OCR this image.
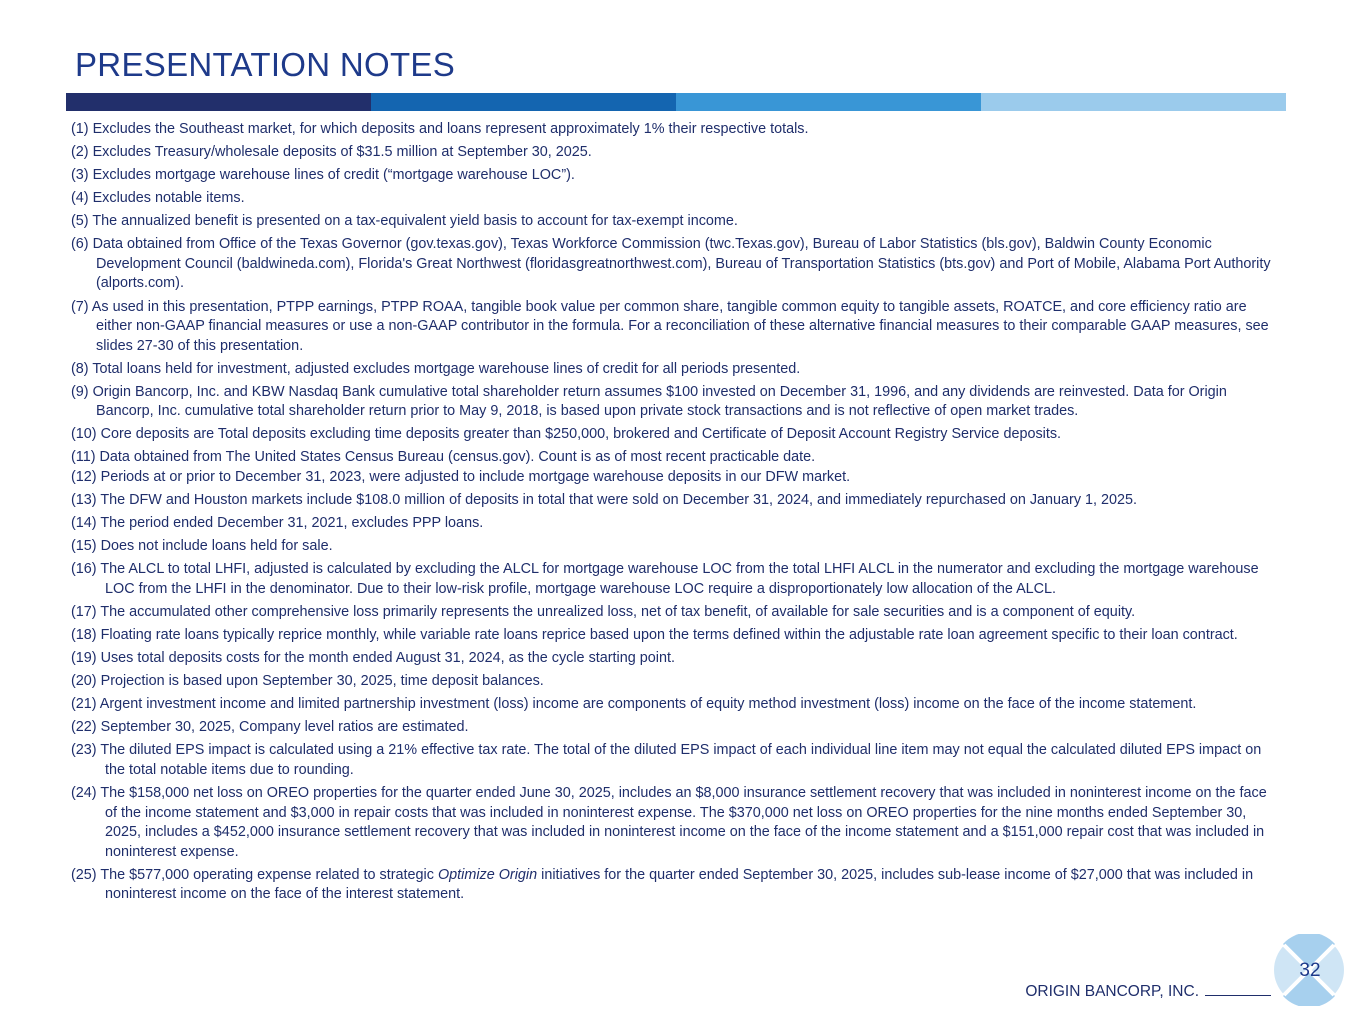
PRESENTATION NOTES

(1) Excludes the Southeast market, for which deposits and loans represent approximately 1% their respective totals.

(2) Excludes Treasury/wholesale deposits of $31.5 million at September 30, 2025.

(3) Excludes mortgage warehouse lines of credit (“mortgage warehouse LOC”).

(4) Excludes notable items.

(5) The annualized benefit is presented on a tax-equivalent yield basis to account for tax-exempt income.

(6) Data obtained from Office of the Texas Governor (gov.texas.gov), Texas Workforce Commission (twc.Texas.gov), Bureau of Labor Statistics (bls.gov), Baldwin County Economic Development Council (baldwineda.com), Florida's Great Northwest (floridasgreatnorthwest.com), Bureau of Transportation Statistics (bts.gov) and Port of Mobile, Alabama Port Authority (alports.com).

(7) As used in this presentation, PTPP earnings, PTPP ROAA, tangible book value per common share, tangible common equity to tangible assets, ROATCE, and core efficiency ratio are either non-GAAP financial measures or use a non-GAAP contributor in the formula. For a reconciliation of these alternative financial measures to their comparable GAAP measures, see slides 27-30 of this presentation.

(8) Total loans held for investment, adjusted excludes mortgage warehouse lines of credit for all periods presented.

(9) Origin Bancorp, Inc. and KBW Nasdaq Bank cumulative total shareholder return assumes $100 invested on December 31, 1996, and any dividends are reinvested. Data for Origin Bancorp, Inc. cumulative total shareholder return prior to May 9, 2018, is based upon private stock transactions and is not reflective of open market trades.

(10) Core deposits are Total deposits excluding time deposits greater than $250,000, brokered and Certificate of Deposit Account Registry Service deposits.

(11) Data obtained from The United States Census Bureau (census.gov). Count is as of most recent practicable date.

(12) Periods at or prior to December 31, 2023, were adjusted to include mortgage warehouse deposits in our DFW market.

(13) The DFW and Houston markets include $108.0 million of deposits in total that were sold on December 31, 2024, and immediately repurchased on January 1, 2025.

(14) The period ended December 31, 2021, excludes PPP loans.

(15) Does not include loans held for sale.

(16) The ALCL to total LHFI, adjusted is calculated by excluding the ALCL for mortgage warehouse LOC from the total LHFI ALCL in the numerator and excluding the mortgage warehouse LOC from the LHFI in the denominator. Due to their low-risk profile, mortgage warehouse LOC require a disproportionately low allocation of the ALCL.

(17) The accumulated other comprehensive loss primarily represents the unrealized loss, net of tax benefit, of available for sale securities and is a component of equity.

(18) Floating rate loans typically reprice monthly, while variable rate loans reprice based upon the terms defined within the adjustable rate loan agreement specific to their loan contract.

(19) Uses total deposits costs for the month ended August 31, 2024, as the cycle starting point.

(20) Projection is based upon September 30, 2025, time deposit balances.

(21) Argent investment income and limited partnership investment (loss) income are components of equity method investment (loss) income on the face of the income statement.

(22) September 30, 2025, Company level ratios are estimated.

(23) The diluted EPS impact is calculated using a 21% effective tax rate. The total of the diluted EPS impact of each individual line item may not equal the calculated diluted EPS impact on the total notable items due to rounding.

(24) The $158,000 net loss on OREO properties for the quarter ended June 30, 2025, includes an $8,000 insurance settlement recovery that was included in noninterest income on the face of the income statement and $3,000 in repair costs that was included in noninterest expense. The $370,000 net loss on OREO properties for the nine months ended September 30, 2025, includes a $452,000 insurance settlement recovery that was included in noninterest income on the face of the income statement and a $151,000 repair cost that was included in noninterest expense.

(25) The $577,000 operating expense related to strategic Optimize Origin initiatives for the quarter ended September 30, 2025, includes sub-lease income of $27,000 that was included in noninterest income on the face of the interest statement.

ORIGIN BANCORP, INC.
32
